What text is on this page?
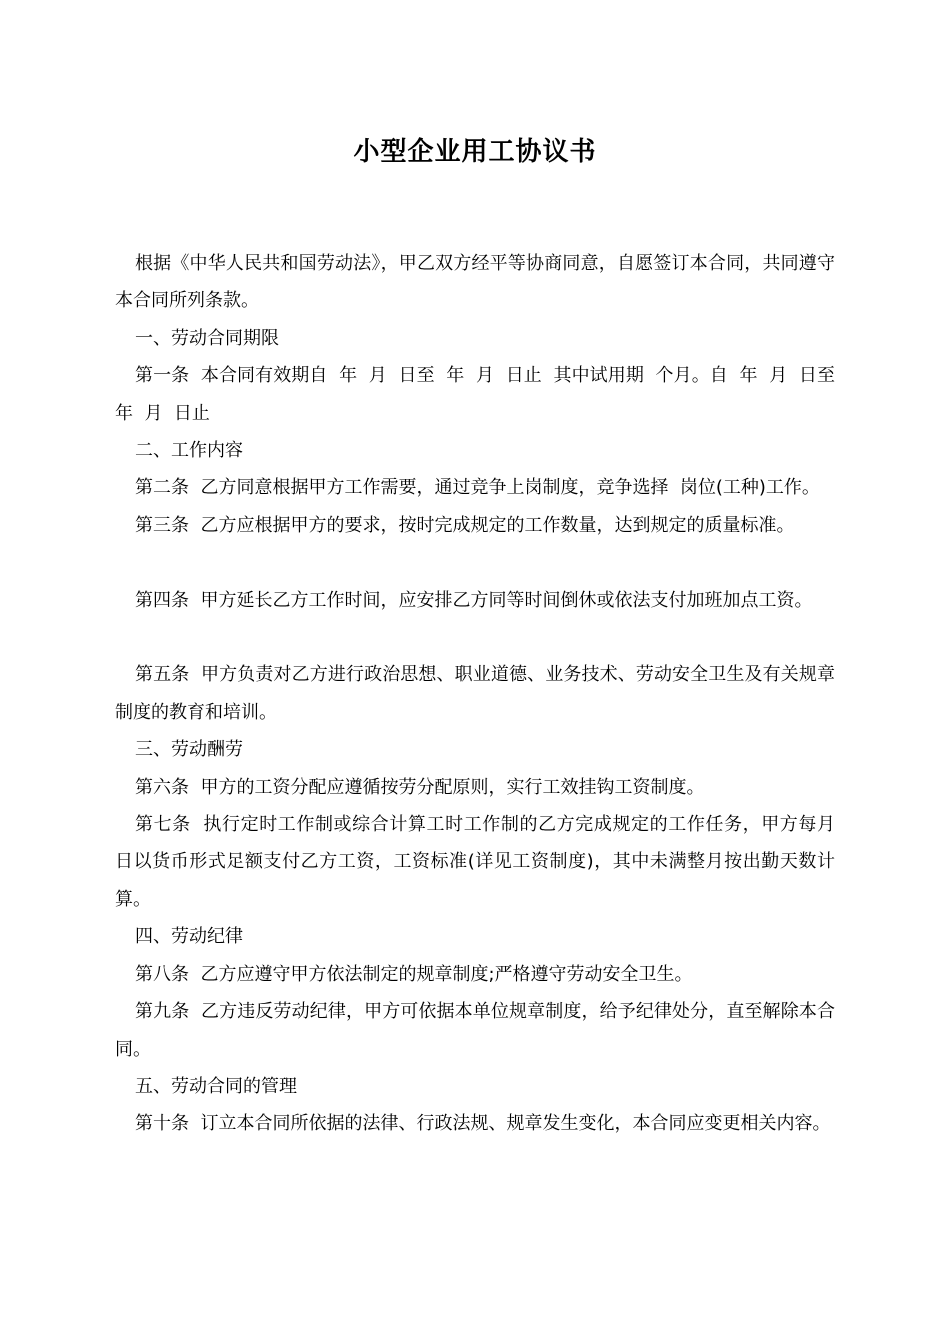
小型企业用工协议书

根据《中华人民共和国劳动法》，甲乙双方经平等协商同意，自愿签订本合同，共同遵守本合同所列条款。

一、劳动合同期限

第一条  本合同有效期自  年  月  日至  年  月  日止  其中试用期  个月。自  年  月  日至  年  月  日止

二、工作内容

第二条  乙方同意根据甲方工作需要，通过竞争上岗制度，竞争选择  岗位(工种)工作。

第三条  乙方应根据甲方的要求，按时完成规定的工作数量，达到规定的质量标准。

第四条  甲方延长乙方工作时间，应安排乙方同等时间倒休或依法支付加班加点工资。

第五条  甲方负责对乙方进行政治思想、职业道德、业务技术、劳动安全卫生及有关规章制度的教育和培训。

三、劳动酬劳

第六条  甲方的工资分配应遵循按劳分配原则，实行工效挂钩工资制度。

第七条  执行定时工作制或综合计算工时工作制的乙方完成规定的工作任务，甲方每月  日以货币形式足额支付乙方工资，工资标准(详见工资制度)，其中未满整月按出勤天数计算。

四、劳动纪律

第八条  乙方应遵守甲方依法制定的规章制度;严格遵守劳动安全卫生。

第九条  乙方违反劳动纪律，甲方可依据本单位规章制度，给予纪律处分，直至解除本合同。

五、劳动合同的管理

第十条  订立本合同所依据的法律、行政法规、规章发生变化，本合同应变更相关内容。
